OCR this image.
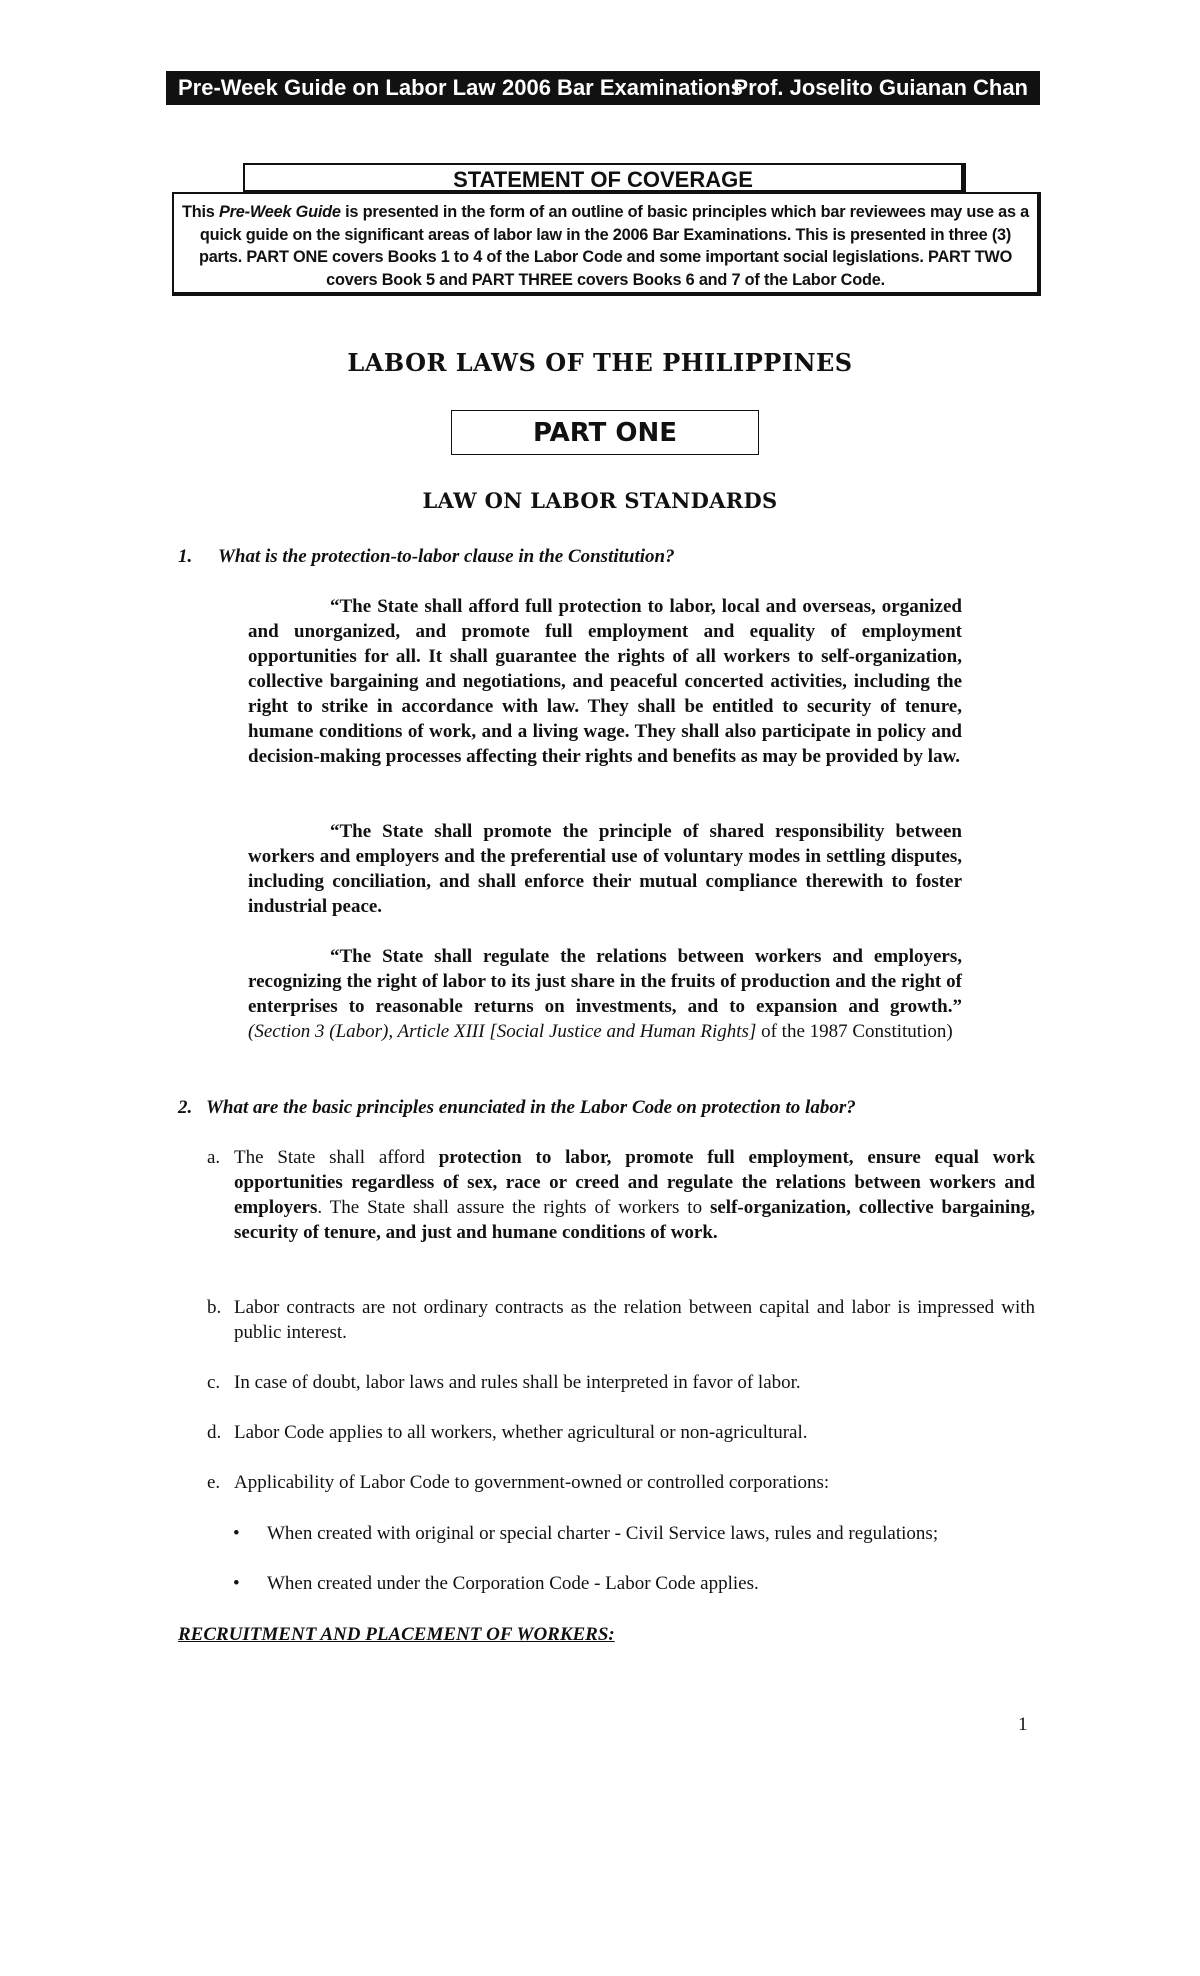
Pre-Week Guide on Labor Law 2006 Bar Examinations
Prof. Joselito Guianan Chan
STATEMENT OF COVERAGE
This Pre-Week Guide is presented in the form of an outline of basic principles which bar reviewees may use as a quick guide on the significant areas of labor law in the 2006 Bar Examinations. This is presented in three (3) parts. PART ONE covers Books 1 to 4 of the Labor Code and some important social legislations. PART TWO covers Book 5 and PART THREE covers Books 6 and 7 of the Labor Code.
LABOR LAWS OF THE PHILIPPINES
PART ONE
LAW ON LABOR STANDARDS
1. What is the protection-to-labor clause in the Constitution?

“The State shall afford full protection to labor, local and overseas, organized and unorganized, and promote full employment and equality of employment opportunities for all. It shall guarantee the rights of all workers to self-organization, collective bargaining and negotiations, and peaceful concerted activities, including the right to strike in accordance with law. They shall be entitled to security of tenure, humane conditions of work, and a living wage. They shall also participate in policy and decision-making processes affecting their rights and benefits as may be provided by law.

“The State shall promote the principle of shared responsibility between workers and employers and the preferential use of voluntary modes in settling disputes, including conciliation, and shall enforce their mutual compliance therewith to foster industrial peace.

“The State shall regulate the relations between workers and employers, recognizing the right of labor to its just share in the fruits of production and the right of enterprises to reasonable returns on investments, and to expansion and growth.” (Section 3 (Labor), Article XIII [Social Justice and Human Rights] of the 1987 Constitution)

2. What are the basic principles enunciated in the Labor Code on protection to labor?
a. The State shall afford protection to labor, promote full employment, ensure equal work opportunities regardless of sex, race or creed and regulate the relations between workers and employers. The State shall assure the rights of workers to self-organization, collective bargaining, security of tenure, and just and humane conditions of work.
b. Labor contracts are not ordinary contracts as the relation between capital and labor is impressed with public interest.
c. In case of doubt, labor laws and rules shall be interpreted in favor of labor.
d. Labor Code applies to all workers, whether agricultural or non-agricultural.
e. Applicability of Labor Code to government-owned or controlled corporations:
• When created with original or special charter - Civil Service laws, rules and regulations;
• When created under the Corporation Code - Labor Code applies.
RECRUITMENT AND PLACEMENT OF WORKERS:
1
